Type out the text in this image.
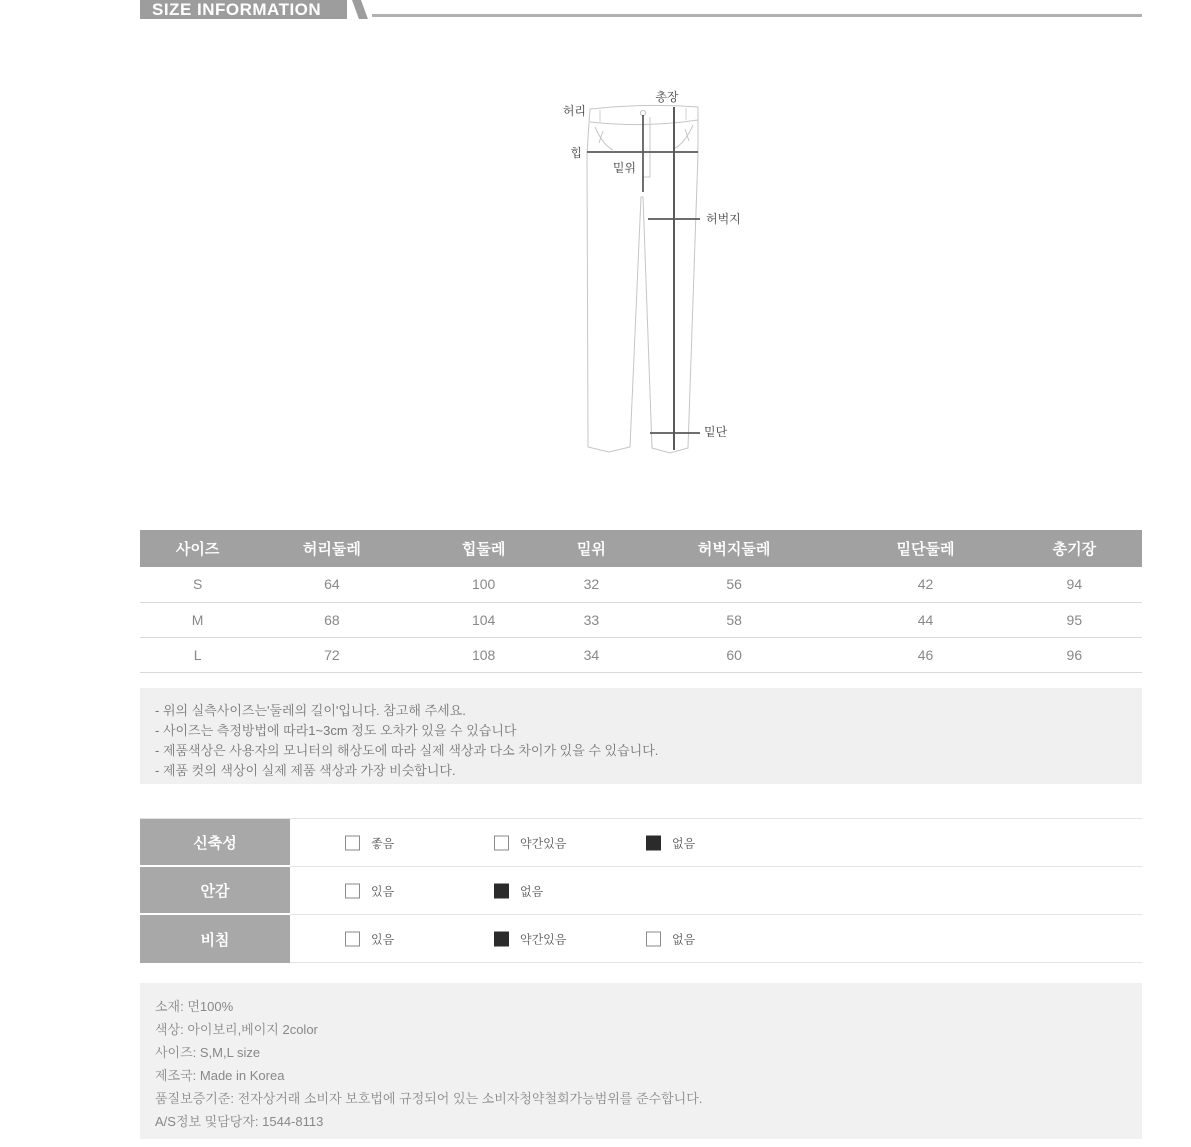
SIZE INFORMATION
총장
허리
힙
밑위
허벅지
밑단
사이즈	허리둘레	힙둘레	밑위	허벅지둘레	밑단둘레	총기장
S	64	100	32	56	42	94
M	68	104	33	58	44	95
L	72	108	34	60	46	96
- 위의 실측사이즈는'둘레의 길이'입니다. 참고해 주세요.
- 사이즈는 측정방법에 따라1~3cm 정도 오차가 있을 수 있습니다
- 제품색상은 사용자의 모니터의 해상도에 따라 실제 색상과 다소 차이가 있을 수 있습니다.
- 제품 컷의 색상이 실제 제품 색상과 가장 비슷합니다.
신축성	좋음	약간있음	없음
안감	있음	없음
비침	있음	약간있음	없음
소재: 면100%
색상: 아이보리,베이지 2color
사이즈: S,M,L size
제조국: Made in Korea
품질보증기준: 전자상거래 소비자 보호법에 규정되어 있는 소비자청약철회가능범위를 준수합니다.
A/S정보 및담당자: 1544-8113
